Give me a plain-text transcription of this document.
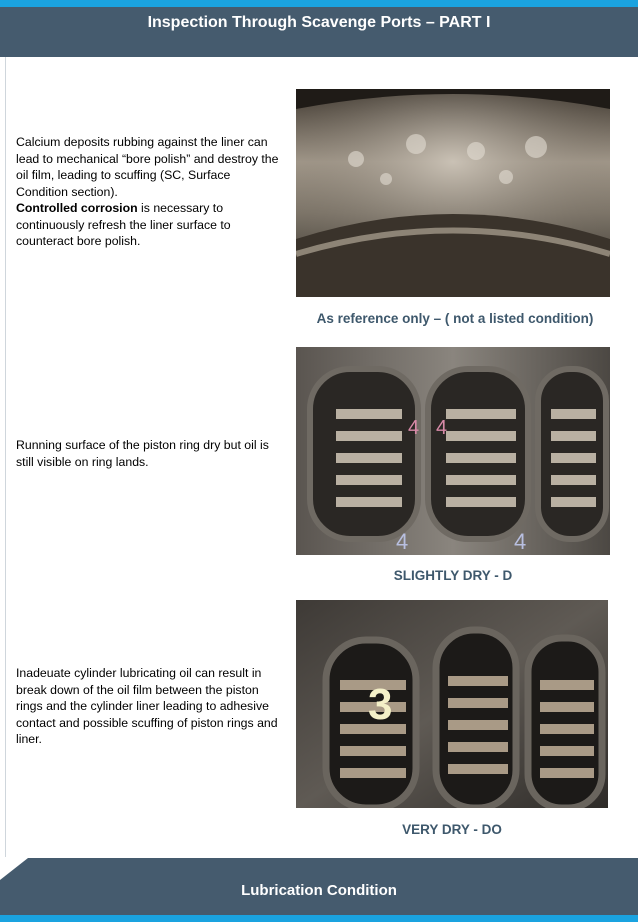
Inspection Through Scavenge Ports – PART I
Calcium deposits rubbing against the liner can lead to mechanical “bore polish” and destroy the oil film, leading to scuffing (SC, Surface Condition section).
Controlled corrosion is necessary to continuously refresh the liner surface to counteract bore polish.
As reference only – ( not a listed condition)
Running surface of the piston ring dry but oil is still visible on ring lands.
4 4
4	4
SLIGHTLY DRY - D
Inadeuate cylinder lubricating oil can result in break down of the oil film between the piston rings and the cylinder liner leading to adhesive contact and possible scuffing of piston rings and liner.
3
VERY DRY - DO
Lubrication Condition
